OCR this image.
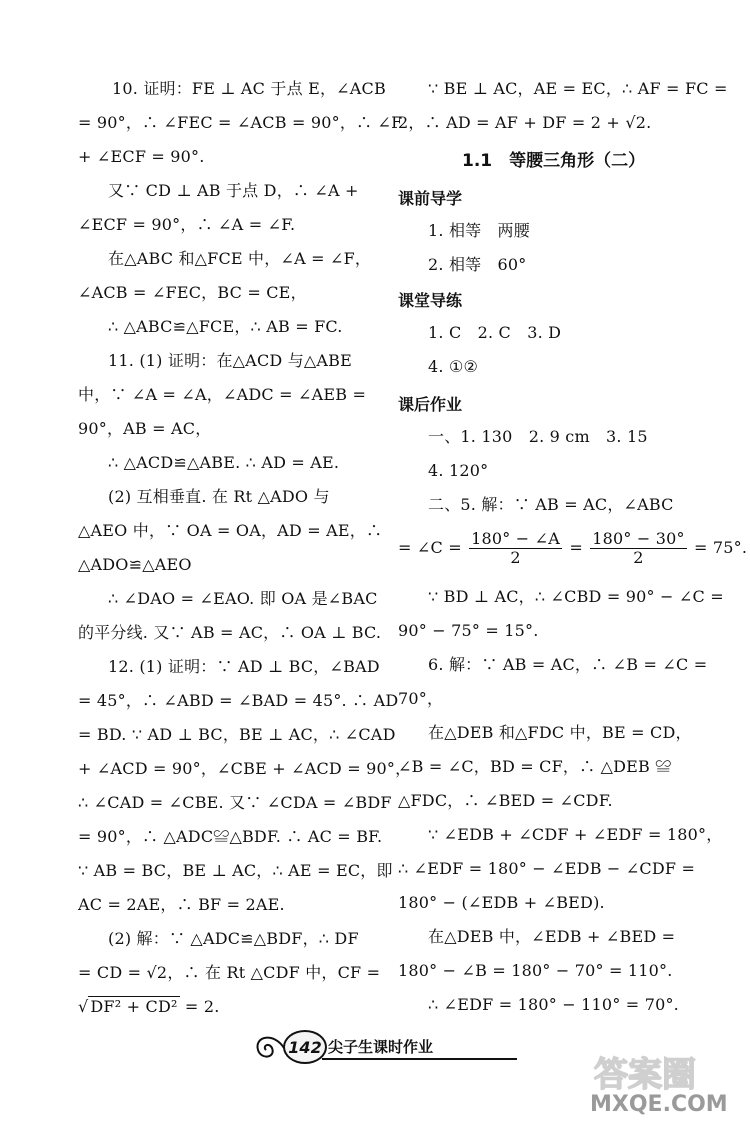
10. 证明：FE ⊥ AC 于点 E，∠ACB
= 90°，∴ ∠FEC = ∠ACB = 90°，∴ ∠F
+ ∠ECF = 90°.
又∵ CD ⊥ AB 于点 D，∴ ∠A +
∠ECF = 90°，∴ ∠A = ∠F.
在△ABC 和△FCE 中，∠A = ∠F，
∠ACB = ∠FEC，BC = CE，
∴ △ABC≌△FCE，∴ AB = FC.
11. (1) 证明：在△ACD 与△ABE
中，∵ ∠A = ∠A，∠ADC = ∠AEB =
90°，AB = AC，
∴ △ACD≌△ABE. ∴ AD = AE.
(2) 互相垂直. 在 Rt △ADO 与
△AEO 中，∵ OA = OA，AD = AE，∴
△ADO≌△AEO
∴ ∠DAO = ∠EAO. 即 OA 是∠BAC
的平分线. 又∵ AB = AC，∴ OA ⊥ BC.
12. (1) 证明：∵ AD ⊥ BC，∠BAD
= 45°，∴ ∠ABD = ∠BAD = 45°. ∴ AD
= BD. ∵ AD ⊥ BC，BE ⊥ AC，∴ ∠CAD
+ ∠ACD = 90°，∠CBE + ∠ACD = 90°，
∴ ∠CAD = ∠CBE. 又∵ ∠CDA = ∠BDF
= 90°，∴ △ADC≌△BDF. ∴ AC = BF.
∵ AB = BC，BE ⊥ AC，∴ AE = EC，即
AC = 2AE，∴ BF = 2AE.
(2) 解：∵ △ADC≌△BDF，∴ DF
= CD = √2，∴ 在 Rt △CDF 中，CF =
√ DF² + CD² = 2.
∵ BE ⊥ AC，AE = EC，∴ AF = FC =
2，∴ AD = AF + DF = 2 + √2.
1.1　等腰三角形（二）
课前导学
1. 相等　两腰
2. 相等　60°
课堂导练
1. C　2. C　3. D
4. ①②
课后作业
一、1. 130　2. 9 cm　3. 15
4. 120°
二、5. 解：∵ AB = AC，∠ABC
= ∠C = $\frac{180^\circ - \angle A}{2} = \frac{180^\circ - 30^\circ}{2} = 75^\circ$.
∵ BD ⊥ AC，∴ ∠CBD = 90° − ∠C =
90° − 75° = 15°.
6. 解：∵ AB = AC，∴ ∠B = ∠C =
70°，
在△DEB 和△FDC 中，BE = CD，
∠B = ∠C，BD = CF，∴ △DEB ≌
△FDC，∴ ∠BED = ∠CDF.
∵ ∠EDB + ∠CDF + ∠EDF = 180°，
∴ ∠EDF = 180° − ∠EDB − ∠CDF =
180° − (∠EDB + ∠BED).
在△DEB 中，∠EDB + ∠BED =
180° − ∠B = 180° − 70° = 110°.
∴ ∠EDF = 180° − 110° = 70°.
142 尖子生课时作业
答案圈
MXQE.COM
